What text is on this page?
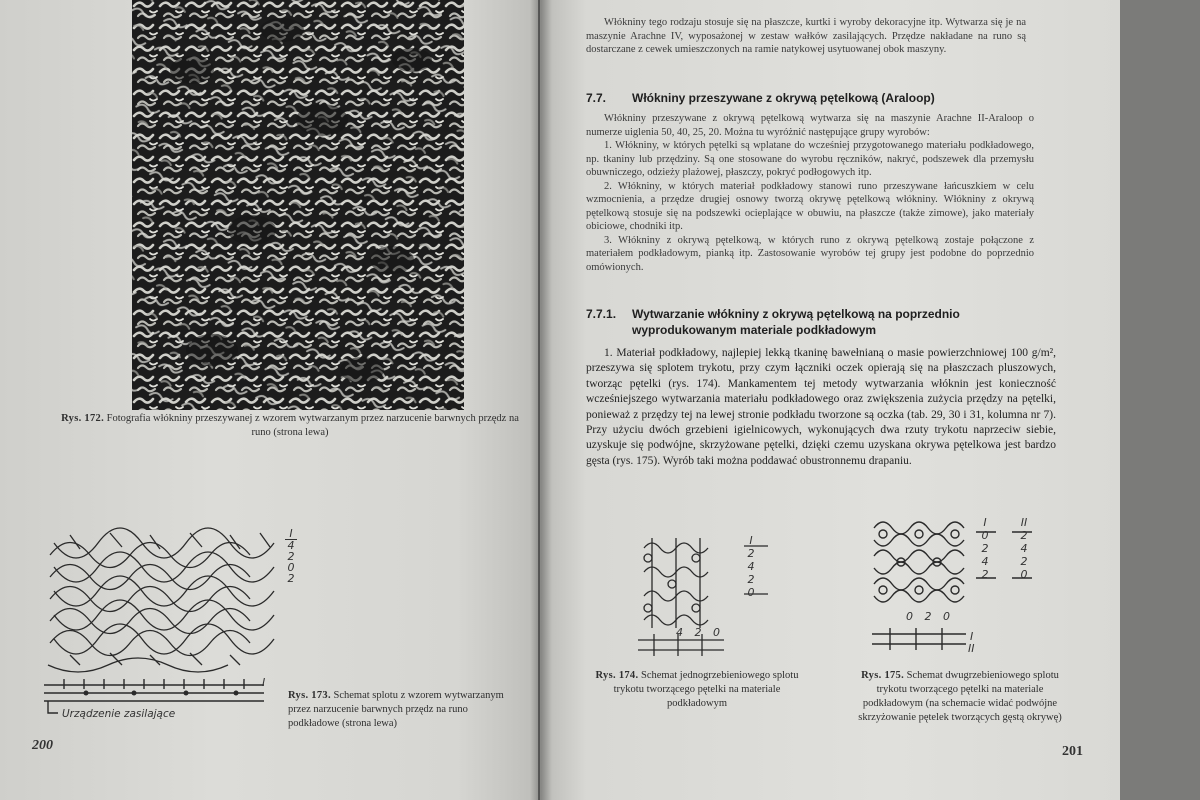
Rys. 172. Fotografia włókniny przeszywanej z wzorem wytwarzanym przez narzucenie barwnych przędz na runo (strona lewa)
I
4
2
0
2
I
Urządzenie zasilające
Rys. 173. Schemat splotu z wzorem wytwarzanym przez narzucenie barwnych przędz na runo podkładowe (strona lewa)
200

Włókniny tego rodzaju stosuje się na płaszcze, kurtki i wyroby dekoracyjne itp. Wytwarza się je na maszynie Arachne IV, wyposażonej w zestaw wałków zasilających. Przędze nakładane na runo są dostarczane z cewek umieszczonych na ramie natykowej usytuowanej obok maszyny.

7.7. Włókniny przeszywane z okrywą pętelkową (Araloop)

Włókniny przeszywane z okrywą pętelkową wytwarza się na maszynie Arachne II-Araloop o numerze uiglenia 50, 40, 25, 20. Można tu wyróżnić następujące grupy wyrobów:

1. Włókniny, w których pętelki są wplatane do wcześniej przygotowanego materiału podkładowego, np. tkaniny lub przędziny. Są one stosowane do wyrobu ręczników, nakryć, podszewek dla przemysłu obuwniczego, odzieży plażowej, płaszczy, pokryć podłogowych itp.

2. Włókniny, w których materiał podkładowy stanowi runo przeszywane łańcuszkiem w celu wzmocnienia, a przędze drugiej osnowy tworzą okrywę pętelkową włókniny. Włókniny z okrywą pętelkową stosuje się na podszewki ocieplające w obuwiu, na płaszcze (także zimowe), jako materiały obiciowe, chodniki itp.

3. Włókniny z okrywą pętelkową, w których runo z okrywą pętelkową zostaje połączone z materiałem podkładowym, pianką itp. Zastosowanie wyrobów tej grupy jest podobne do poprzednio omówionych.

7.7.1.	Wytwarzanie włókniny z okrywą pętelkową na poprzednio wyprodukowanym materiale podkładowym

1. Materiał podkładowy, najlepiej lekką tkaninę bawełnianą o masie powierzchniowej 100 g/m², przeszywa się splotem trykotu, przy czym łączniki oczek opierają się na płaszczach pluszowych, tworząc pętelki (rys. 174). Mankamentem tej metody wytwarzania włóknin jest konieczność wcześniejszego wytwarzania materiału podkładowego oraz zwiększenia zużycia przędzy na pętelki, ponieważ z przędzy tej na lewej stronie podkładu tworzone są oczka (tab. 29, 30 i 31, kolumna nr 7). Przy użyciu dwóch grzebieni igielnicowych, wykonujących dwa rzuty trykotu naprzeciw siebie, uzyskuje się podwójne, skrzyżowane pętelki, dzięki czemu uzyskana okrywa pętelkowa jest bardzo gęsta (rys. 175). Wyrób taki można poddawać obustronnemu drapaniu.

I
2
4
2
0
4 2 0
Rys. 174. Schemat jednogrzebieniowego splotu trykotu tworzącego pętelki na materiale podkładowym
I
0
2
4
2
II
2
4
2
0
0 2 0
I
II
Rys. 175. Schemat dwugrzebieniowego splotu trykotu tworzącego pętelki na materiale podkładowym (na schemacie widać podwójne skrzyżowanie pętelek tworzących gęstą okrywę)
201
